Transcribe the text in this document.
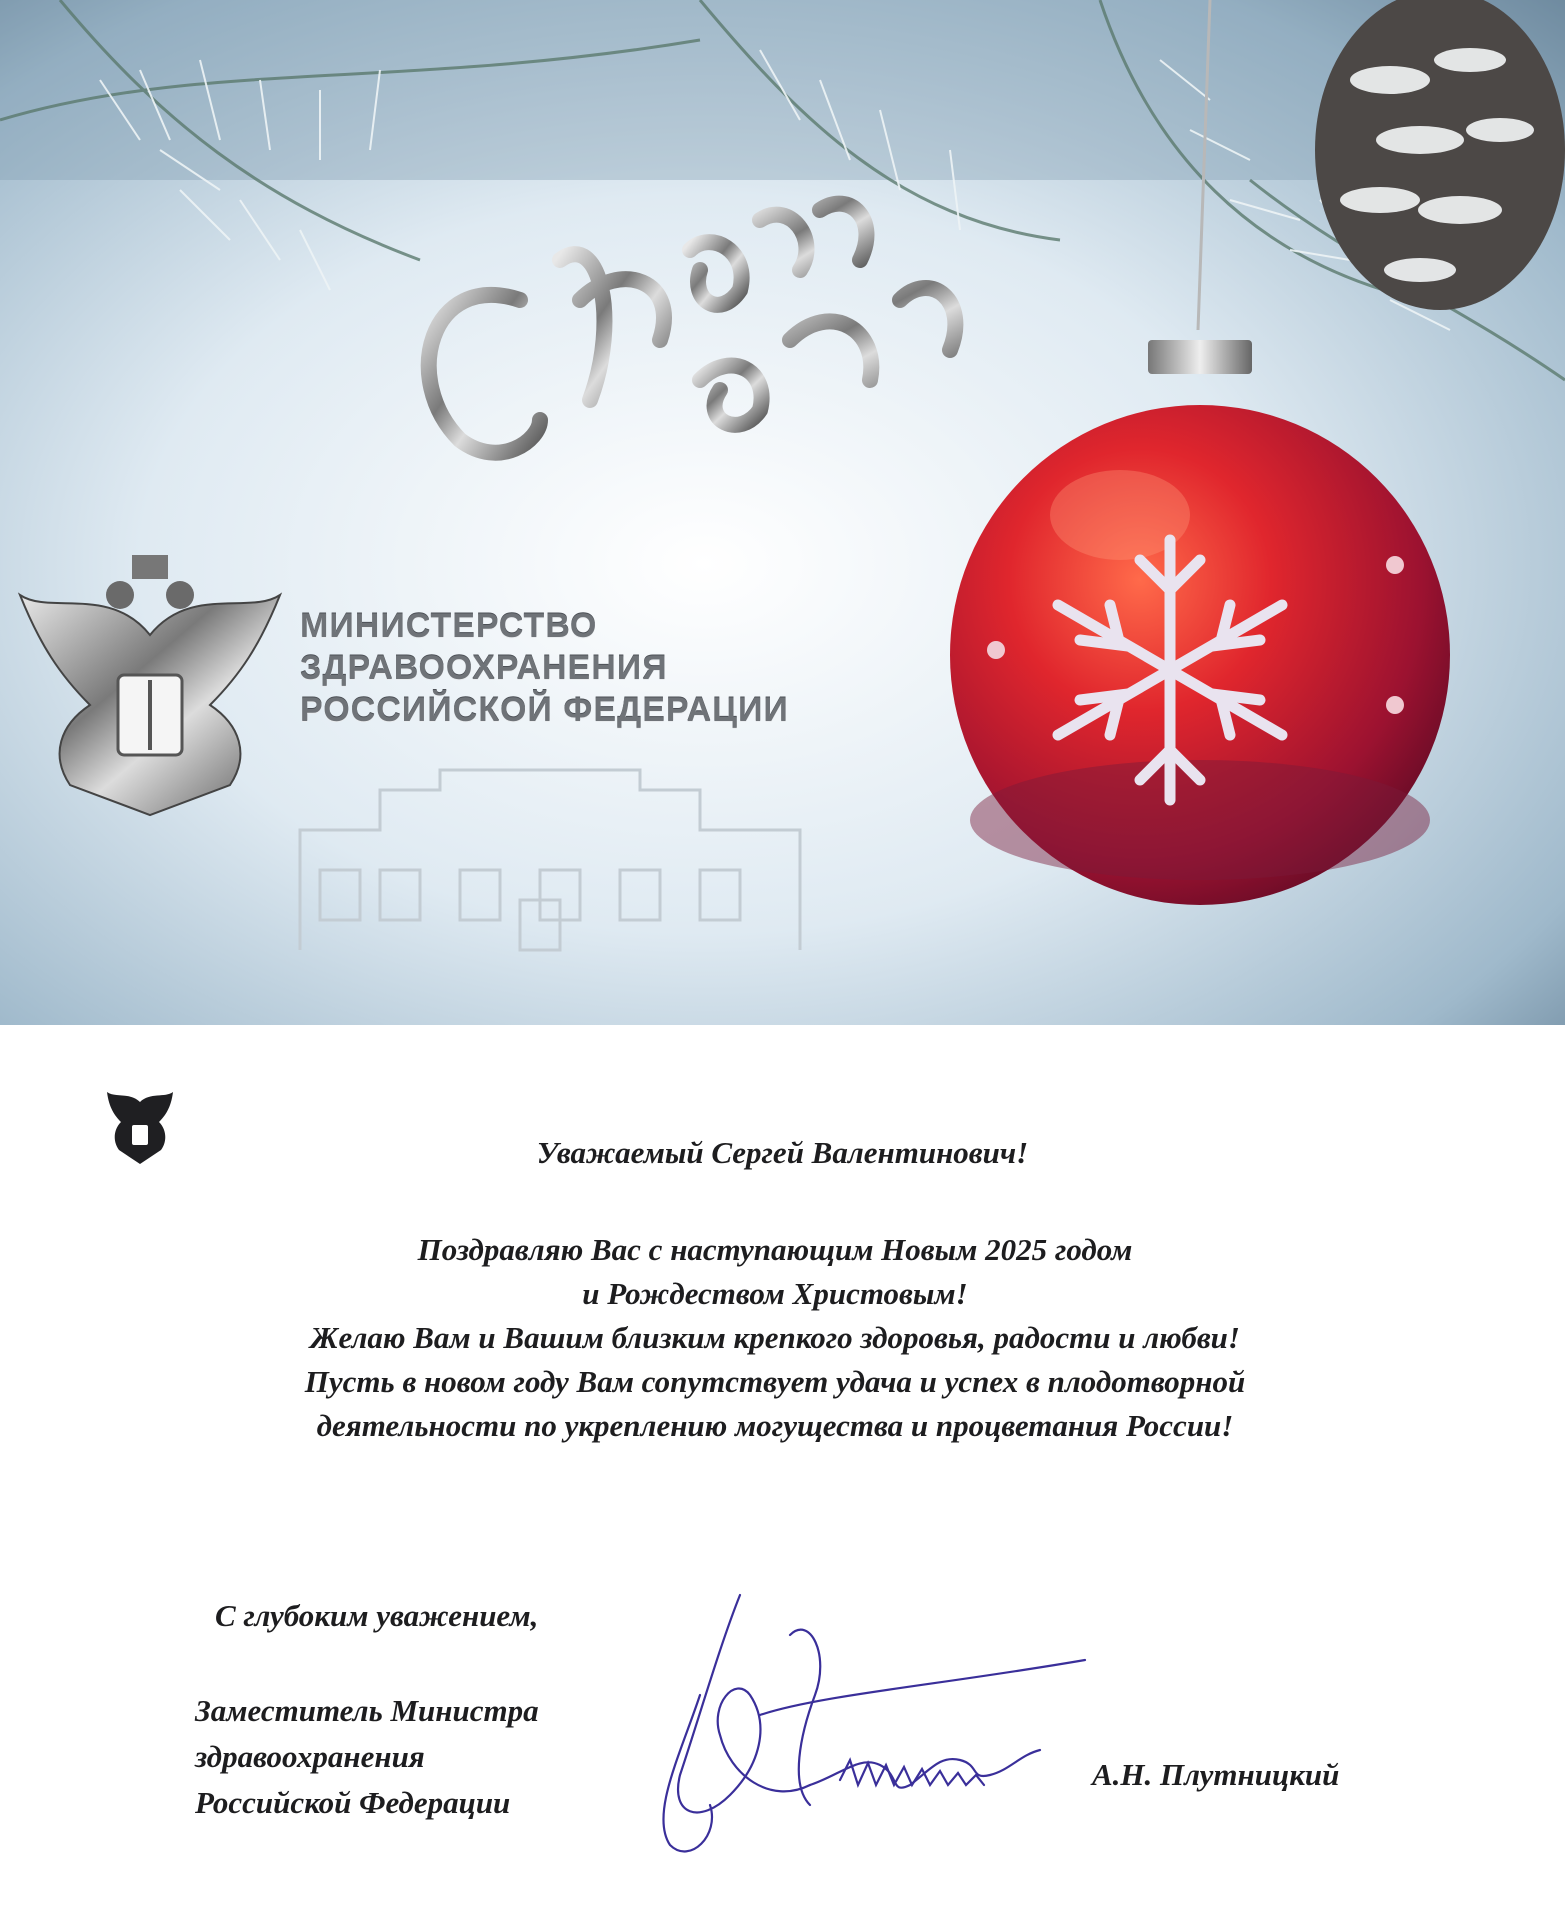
МИНИСТЕРСТВО
ЗДРАВООХРАНЕНИЯ
РОССИЙСКОЙ ФЕДЕРАЦИИ
Уважаемый Сергей Валентинович!
Поздравляю Вас с наступающим Новым 2025 годом
и Рождеством Христовым!
Желаю Вам и Вашим близким крепкого здоровья, радости и любви!
Пусть в новом году Вам сопутствует удача и успех в плодотворной
деятельности по укреплению могущества и процветания России!
С глубоким уважением,
Заместитель Министра
здравоохранения
Российской Федерации
А.Н. Плутницкий
